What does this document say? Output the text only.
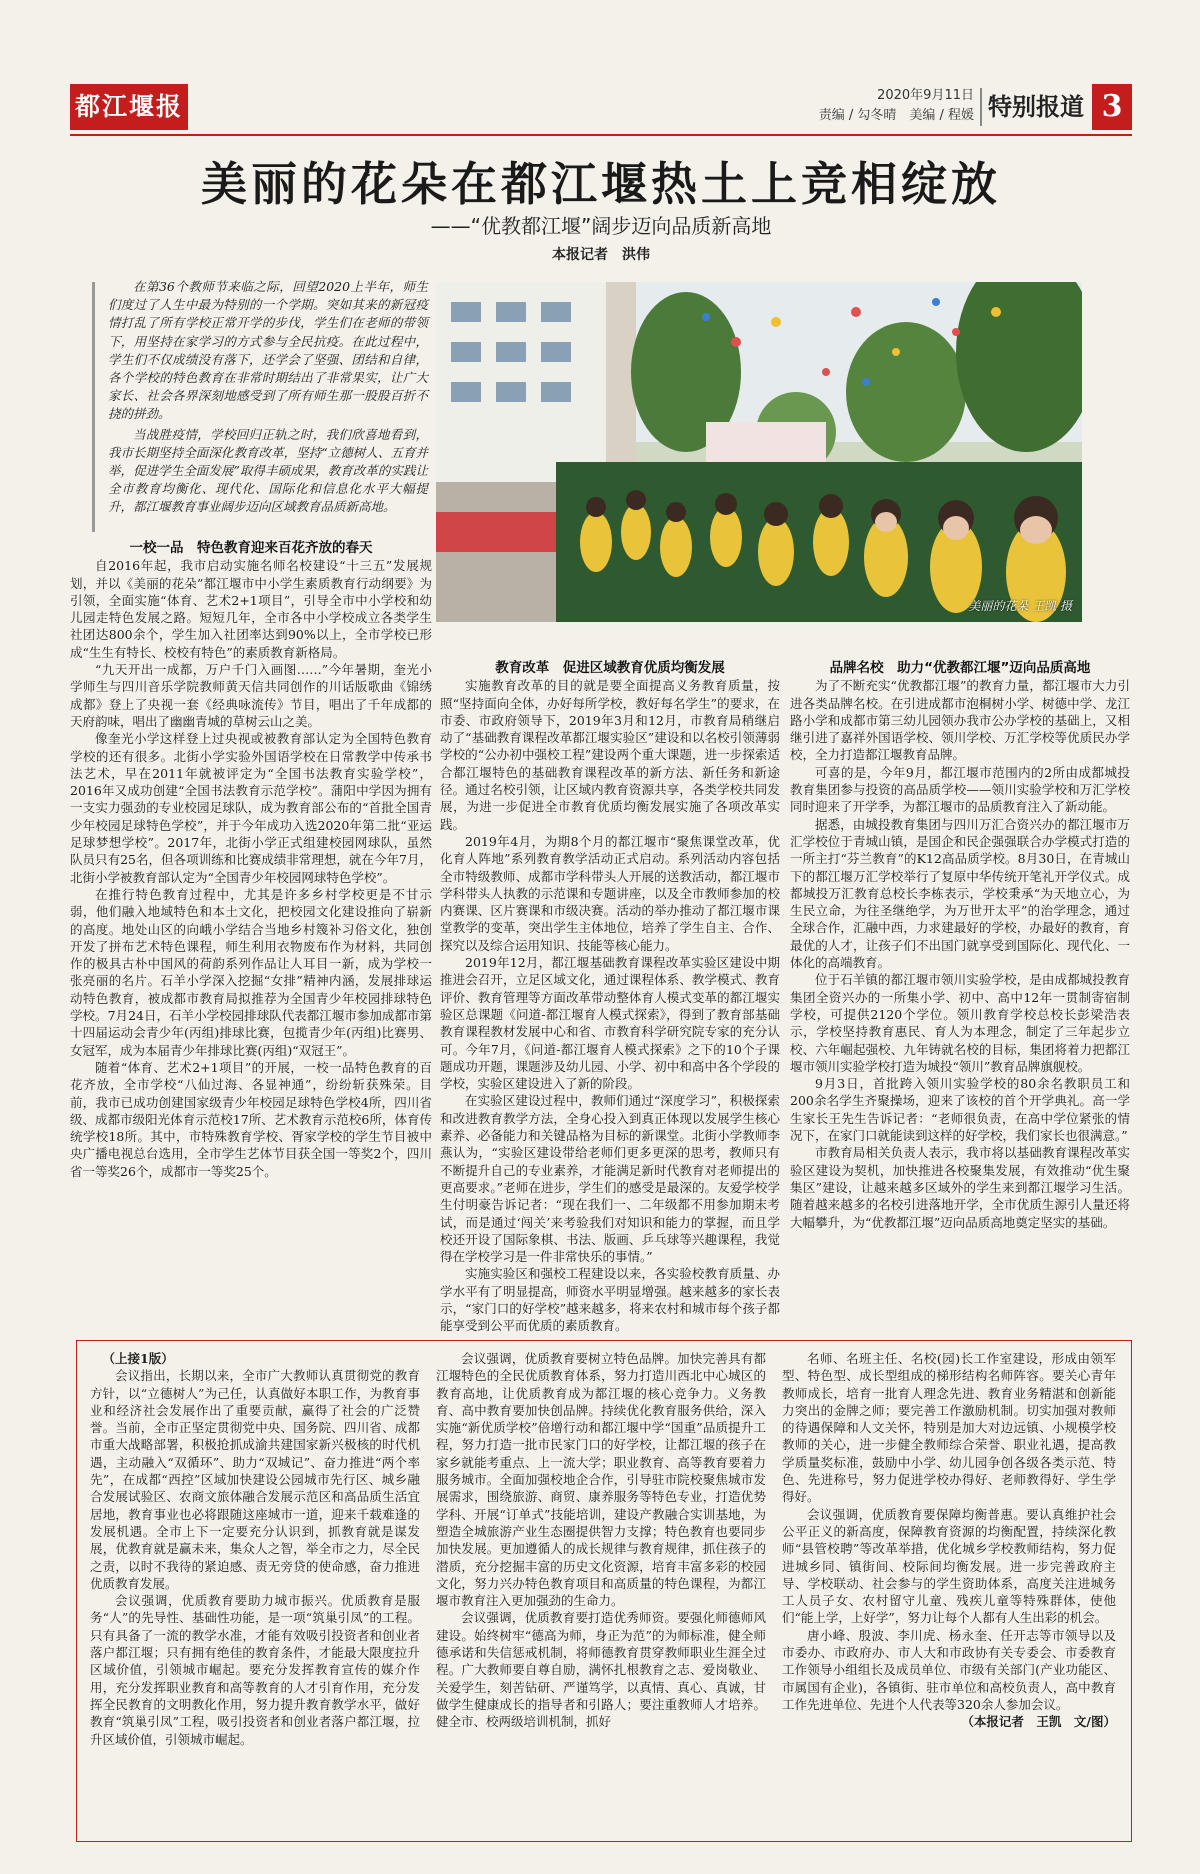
都江堰报	2020年9月11日
责编 / 勾冬晴　美编 / 程媛 特别报道 3
美丽的花朵在都江堰热土上竞相绽放
——“优教都江堰”阔步迈向品质新高地
本报记者　洪伟

在第36个教师节来临之际，回望2020上半年，师生们度过了人生中最为特别的一个学期。突如其来的新冠疫情打乱了所有学校正常开学的步伐，学生们在老师的带领下，用坚持在家学习的方式参与全民抗疫。在此过程中，学生们不仅成绩没有落下，还学会了坚强、团结和自律，各个学校的特色教育在非常时期结出了非常果实，让广大家长、社会各界深刻地感受到了所有师生那一股股百折不挠的拼劲。

当战胜疫情，学校回归正轨之时，我们欣喜地看到，我市长期坚持全面深化教育改革，坚持“立德树人、五育并举，促进学生全面发展”取得丰硕成果，教育改革的实践让全市教育均衡化、现代化、国际化和信息化水平大幅提升，都江堰教育事业阔步迈向区域教育品质新高地。

美丽的花朵 王凯 摄

一校一品　特色教育迎来百花齐放的春天

自2016年起，我市启动实施名师名校建设“十三五”发展规划，并以《美丽的花朵”都江堰市中小学生素质教育行动纲要》为引领，全面实施“体育、艺术2+1项目”，引导全市中小学校和幼儿园走特色发展之路。短短几年，全市各中小学校成立各类学生社团达800余个，学生加入社团率达到90%以上，全市学校已形成“生生有特长、校校有特色”的素质教育新格局。

“九天开出一成都，万户千门入画图……”今年暑期，奎光小学师生与四川音乐学院教师黄天信共同创作的川话版歌曲《锦绣成都》登上了央视一套《经典咏流传》节目，唱出了千年成都的天府韵味，唱出了幽幽青城的草树云山之美。

像奎光小学这样登上过央视或被教育部认定为全国特色教育学校的还有很多。北街小学实验外国语学校在日常教学中传承书法艺术，早在2011年就被评定为“全国书法教育实验学校”，2016年又成功创建“全国书法教育示范学校”。蒲阳中学因为拥有一支实力强劲的专业校园足球队，成为教育部公布的“首批全国青少年校园足球特色学校”，并于今年成功入选2020年第二批“亚运足球梦想学校”。2017年，北街小学正式组建校园网球队，虽然队员只有25名，但各项训练和比赛成绩非常理想，就在今年7月，北街小学被教育部认定为“全国青少年校园网球特色学校”。

在推行特色教育过程中，尤其是许多乡村学校更是不甘示弱，他们融入地域特色和本土文化，把校园文化建设推向了崭新的高度。地处山区的向峨小学结合当地乡村篾补习俗文化，独创开发了拼布艺术特色课程，师生利用衣物废布作为材料，共同创作的极具古朴中国风的荷韵系列作品让人耳目一新，成为学校一张亮丽的名片。石羊小学深入挖掘“女排”精神内涵，发展排球运动特色教育，被成都市教育局拟推荐为全国青少年校园排球特色学校。7月24日，石羊小学校园排球队代表都江堰市参加成都市第十四届运动会青少年(丙组)排球比赛，包揽青少年(丙组)比赛男、女冠军，成为本届青少年排球比赛(丙组)“双冠王”。

随着“体育、艺术2+1项目”的开展，一校一品特色教育的百花齐放，全市学校“八仙过海、各显神通”，纷纷斩获殊荣。目前，我市已成功创建国家级青少年校园足球特色学校4所，四川省级、成都市级阳光体育示范校17所、艺术教育示范校6所，体育传统学校18所。其中，市特殊教育学校、胥家学校的学生节目被中央广播电视总台选用，全市学生艺体节目获全国一等奖2个，四川省一等奖26个，成都市一等奖25个。

教育改革　促进区域教育优质均衡发展

实施教育改革的目的就是要全面提高义务教育质量，按照“坚持面向全体，办好每所学校，教好每名学生”的要求，在市委、市政府领导下，2019年3月和12月，市教育局稍继启动了“基础教育课程改革都江堰实验区”建设和以名校引领薄弱学校的“公办初中强校工程”建设两个重大课题，进一步探索适合都江堰特色的基础教育课程改革的新方法、新任务和新途径。通过名校引领，让区域内教育资源共享，各类学校共同发展，为进一步促进全市教育优质均衡发展实施了各项改革实践。

2019年4月，为期8个月的都江堰市“聚焦课堂改革，优化育人阵地”系列教育教学活动正式启动。系列活动内容包括全市特级教师、成都市学科带头人开展的送教活动，都江堰市学科带头人执教的示范课和专题讲座，以及全市教师参加的校内赛课、区片赛课和市级决赛。活动的举办推动了都江堰市课堂教学的变革，突出学生主体地位，培养了学生自主、合作、探究以及综合运用知识、技能等核心能力。

2019年12月，都江堰基础教育课程改革实验区建设中期推进会召开，立足区域文化，通过课程体系、教学模式、教育评价、教育管理等方面改革带动整体育人模式变革的都江堰实验区总课题《问道-都江堰育人模式探索》，得到了教育部基础教育课程教材发展中心和省、市教育科学研究院专家的充分认可。今年7月，《问道-都江堰育人模式探索》之下的10个子课题成功开题，课题涉及幼儿园、小学、初中和高中各个学段的学校，实验区建设进入了新的阶段。

在实验区建设过程中，教师们通过“深度学习”，积极探索和改进教育教学方法，全身心投入到真正体现以发展学生核心素养、必备能力和关键品格为目标的新课堂。北街小学教师李燕认为，“实验区建设带给老师们更多更深的思考，教师只有不断提升自己的专业素养，才能满足新时代教育对老师提出的更高要求。”老师在进步，学生们的感受是最深的。友爱学校学生付明豪告诉记者：“现在我们一、二年级都不用参加期末考试，而是通过‘闯关’来考验我们对知识和能力的掌握，而且学校还开设了国际象棋、书法、版画、乒乓球等兴趣课程，我觉得在学校学习是一件非常快乐的事情。”

实施实验区和强校工程建设以来，各实验校教育质量、办学水平有了明显提高，师资水平明显增强。越来越多的家长表示，“家门口的好学校”越来越多，将来农村和城市每个孩子都能享受到公平而优质的素质教育。

品牌名校　助力“优教都江堰”迈向品质高地

为了不断充实“优教都江堰”的教育力量，都江堰市大力引进各类品牌名校。在引进成都市泡桐树小学、树德中学、龙江路小学和成都市第三幼儿园领办我市公办学校的基础上，又相继引进了嘉祥外国语学校、领川学校、万汇学校等优质民办学校，全力打造都江堰教育品牌。

可喜的是，今年9月，都江堰市范围内的2所由成都城投教育集团参与投资的高品质学校——领川实验学校和万汇学校同时迎来了开学季，为都江堰市的品质教育注入了新动能。

据悉，由城投教育集团与四川万汇合资兴办的都江堰市万汇学校位于青城山镇，是国企和民企强强联合办学模式打造的一所主打“芬兰教育”的K12高品质学校。8月30日，在青城山下的都江堰万汇学校举行了复原中华传统开笔礼开学仪式。成都城投万汇教育总校长李栋表示，学校秉承“为天地立心，为生民立命，为往圣继绝学，为万世开太平”的治学理念，通过全球合作，汇融中西，力求建最好的学校，办最好的教育，育最优的人才，让孩子们不出国门就享受到国际化、现代化、一体化的高端教育。

位于石羊镇的都江堰市领川实验学校，是由成都城投教育集团全资兴办的一所集小学、初中、高中12年一贯制寄宿制学校，可提供2120个学位。领川教育学校总校长彭梁浩表示，学校坚持教育惠民、育人为本理念，制定了三年起步立校、六年崛起强校、九年铸就名校的目标，集团将着力把都江堰市领川实验学校打造为城投“领川”教育品牌旗舰校。

9月3日，首批跨入领川实验学校的80余名教职员工和200余名学生齐聚操场，迎来了该校的首个开学典礼。高一学生家长王先生告诉记者：“老师很负责，在高中学位紧张的情况下，在家门口就能读到这样的好学校，我们家长也很满意。”

市教育局相关负责人表示，我市将以基础教育课程改革实验区建设为契机，加快推进各校聚集发展，有效推动“优生聚集区”建设，让越来越多区域外的学生来到都江堰学习生活。随着越来越多的名校引进落地开学，全市优质生源引人量还将大幅攀升，为“优教都江堰”迈向品质高地奠定坚实的基础。

（上接1版）

会议指出，长期以来，全市广大教师认真贯彻党的教育方针，以“立德树人”为己任，认真做好本职工作，为教育事业和经济社会发展作出了重要贡献，赢得了社会的广泛赞誉。当前，全市正坚定贯彻党中央、国务院、四川省、成都市重大战略部署，积极抢抓成渝共建国家新兴极核的时代机遇，主动融入“双循环”、助力“双城记”、奋力推进“两个率先”，在成都“西控”区域加快建设公园城市先行区、城乡融合发展试验区、农商文旅体融合发展示范区和高品质生活宜居地，教育事业也必将跟随这座城市一道，迎来千载难逢的发展机遇。全市上下一定要充分认识到，抓教育就是谋发展，优教育就是赢未来，集众人之智，举全市之力，尽全民之责，以时不我待的紧迫感、责无旁贷的使命感，奋力推进优质教育发展。

会议强调，优质教育要助力城市振兴。优质教育是服务“人”的先导性、基础性功能，是一项“筑巢引凤”的工程。只有具备了一流的教学水准，才能有效吸引投资者和创业者落户都江堰；只有拥有绝佳的教育条件，才能最大限度拉升区域价值，引领城市崛起。要充分发挥教育宣传的媒介作用，充分发挥职业教育和高等教育的人才引育作用，充分发挥全民教育的文明教化作用，努力提升教育教学水平，做好教育“筑巢引凤”工程，吸引投资者和创业者落户都江堰，拉升区域价值，引领城市崛起。

会议强调，优质教育要树立特色品牌。加快完善具有都江堰特色的全民优质教育体系，努力打造川西北中心城区的教育高地，让优质教育成为都江堰的核心竞争力。义务教育、高中教育要加快创品牌。持续优化教育服务供给，深入实施“新优质学校”倍增行动和都江堰中学“国重”品质提升工程，努力打造一批市民家门口的好学校，让都江堰的孩子在家乡就能考重点、上一流大学；职业教育、高等教育要着力服务城市。全面加强校地企合作，引导驻市院校聚焦城市发展需求，围绕旅游、商贸、康养服务等特色专业，打造优势学科、开展“订单式”技能培训，建设产教融合实训基地，为塑造全城旅游产业生态圈提供智力支撑；特色教育也要同步加快发展。更加遵循人的成长规律与教育规律，抓住孩子的潜质，充分挖掘丰富的历史文化资源，培育丰富多彩的校园文化，努力兴办特色教育项目和高质量的特色课程，为都江堰市教育注入更加强劲的生命力。

会议强调，优质教育要打造优秀师资。要强化师德师风建设。始终树牢“德高为师，身正为范”的为师标准，健全师德承诺和失信惩戒机制，将师德教育贯穿教师职业生涯全过程。广大教师要自尊自励，满怀扎根教育之志、爱岗敬业、关爱学生，刻苦钻研、严谨笃学，以真情、真心、真诚，甘做学生健康成长的指导者和引路人；要注重教师人才培养。健全市、校两级培训机制，抓好

名师、名班主任、名校(园)长工作室建设，形成由领军型、特色型、成长型组成的梯形结构名师阵容。要关心青年教师成长，培育一批育人理念先进、教育业务精湛和创新能力突出的金牌之师；要完善工作激励机制。切实加强对教师的待遇保障和人文关怀，特别是加大对边远镇、小规模学校教师的关心，进一步健全教师综合荣誉、职业礼遇，提高教学质量奖标准，鼓励中小学、幼儿园争创各级各类示范、特色、先进称号，努力促进学校办得好、老师教得好、学生学得好。

会议强调，优质教育要保障均衡普惠。要认真维护社会公平正义的新高度，保障教育资源的均衡配置，持续深化教师“县管校聘”等改革举措，优化城乡学校教师结构，努力促进城乡同、镇街间、校际间均衡发展。进一步完善政府主导、学校联动、社会参与的学生资助体系，高度关注进城务工人员子女、农村留守儿童、残疾儿童等特殊群体，使他们“能上学，上好学”，努力让每个人都有人生出彩的机会。

唐小峰、殷波、李川虎、杨永奎、任开志等市领导以及市委办、市政府办、市人大和市政协有关专委会、市委教育工作领导小组组长及成员单位、市级有关部门(产业功能区、市属国有企业)，各镇街、驻市单位和高校负责人，高中教育工作先进单位、先进个人代表等320余人参加会议。

（本报记者　王凯　文/图）
